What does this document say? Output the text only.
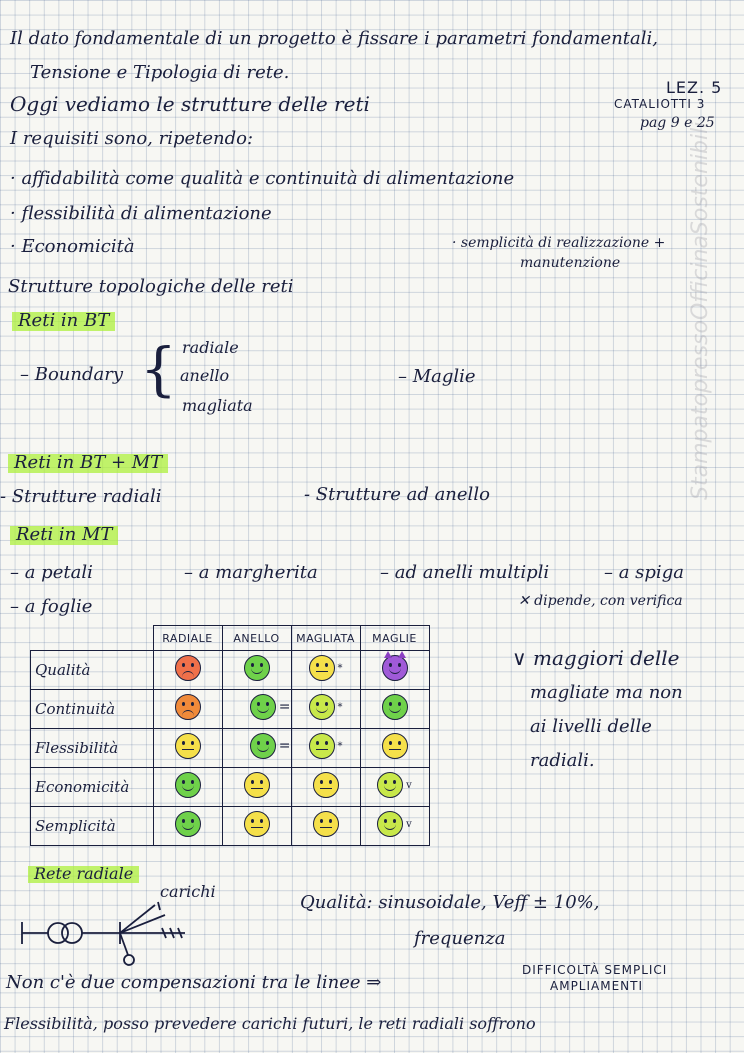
StampatopressoOfficinaSostenibili
Il dato fondamentale di un progetto è fissare i parametri fondamentali,
Tensione e Tipologia di rete.
Oggi vediamo le strutture delle reti
LEZ. 5
CATALIOTTI 3
pag 9 e 25
I requisiti sono, ripetendo:
· affidabilità come qualità e continuità di alimentazione
· flessibilità di alimentazione
· Economicità	· semplicità di realizzazione +
manutenzione
Strutture topologiche delle reti
Reti in BT
– Boundary { radiale
anello
magliata
– Maglie
Reti in BT + MT
- Strutture radiali	- Strutture ad anello
Reti in MT
– a petali	– a margherita	– ad anelli multipli	– a spiga
– a foglie	✕ dipende, con verifica
∨ maggiori delle
magliate ma non
ai livelli delle
radiali.
	RADIALE	ANELLO	MAGLIATA	MAGLIE
Qualità			*	

Continuità		=	*	

Flessibilità		=	*	

Economicità				v

Semplicità				v
Rete radiale
carichi
Qualità: sinusoidale, Veff ± 10%,
frequenza
Non c'è due compensazioni tra le linee ⇒
DIFFICOLTÀ SEMPLICI
AMPLIAMENTI
Flessibilità, posso prevedere carichi futuri, le reti radiali soffrono
